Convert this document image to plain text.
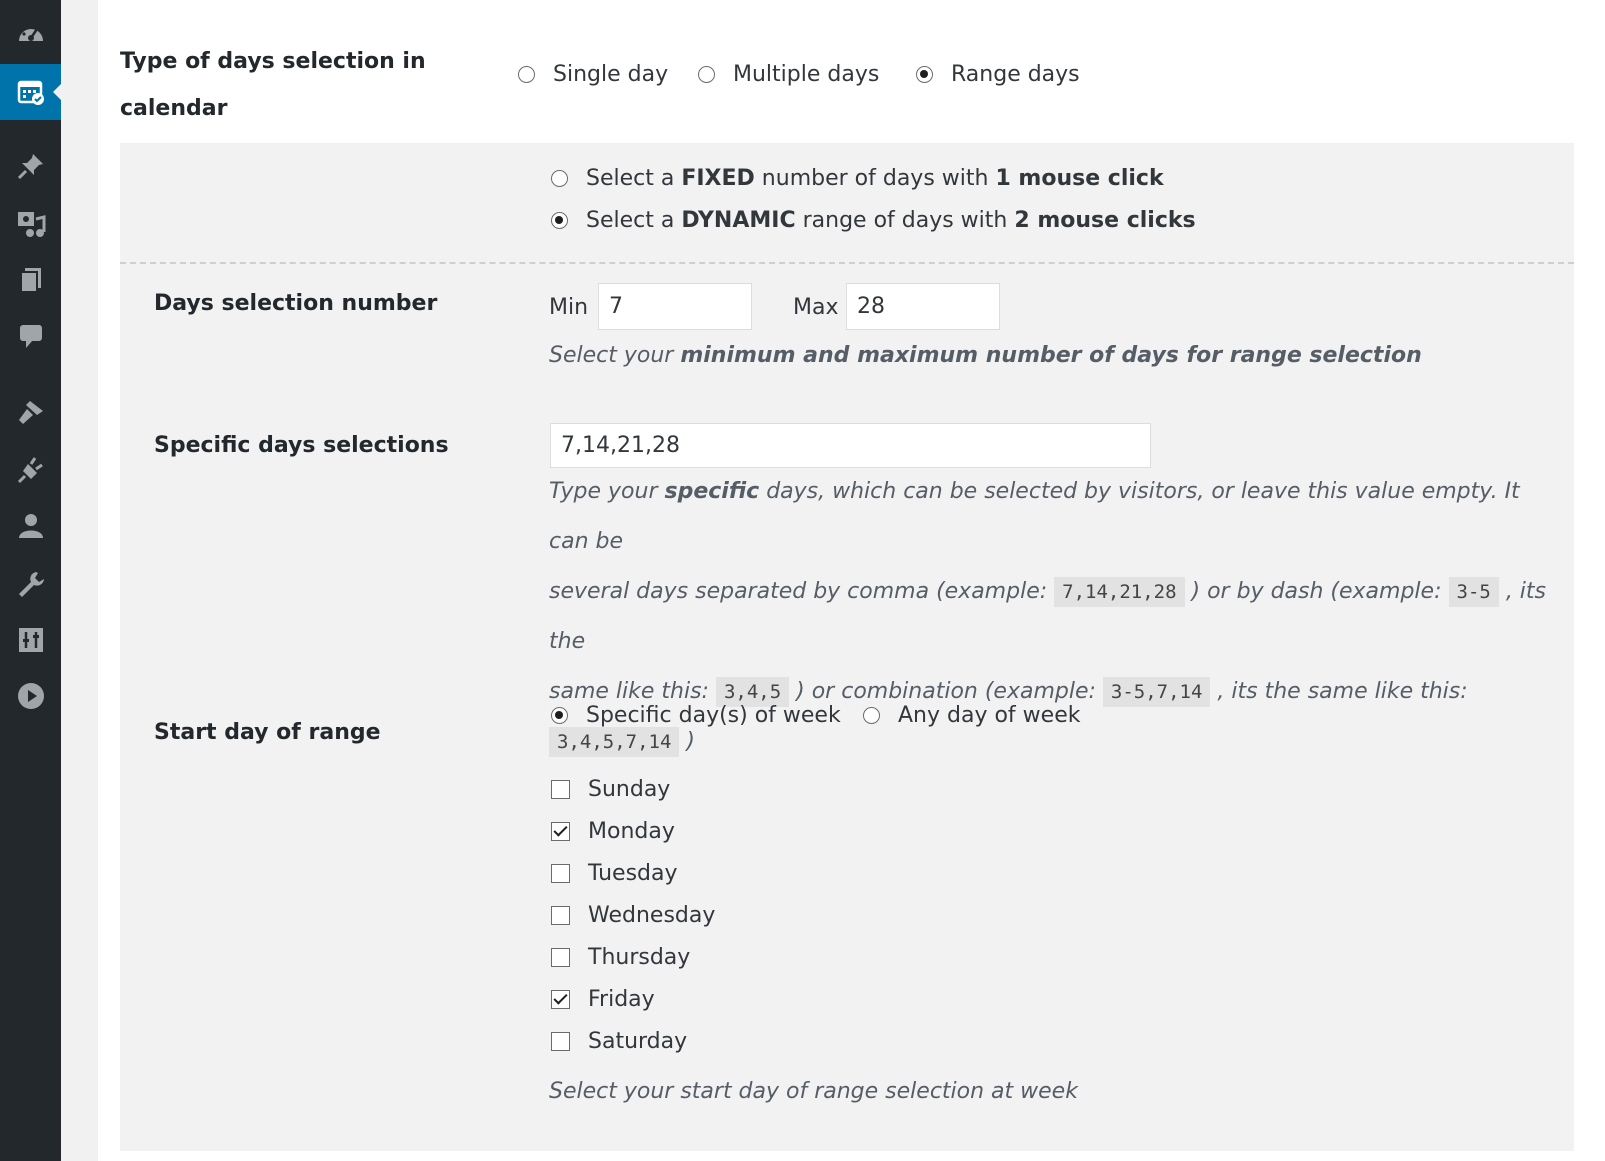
Type of days selection in
calendar
Single day	Multiple days	Range days
Select a FIXED number of days with 1 mouse click
Select a DYNAMIC range of days with 2 mouse clicks
Days selection number	Min 7	Max 28
Select your minimum and maximum number of days for range selection
Specific days selections	7,14,21,28
Type your specific days, which can be selected by visitors, or leave this value empty. It can be
several days separated by comma (example: 7,14,21,28 ) or by dash (example: 3-5 , its the
same like this: 3,4,5 ) or combination (example: 3-5,7,14 , its the same like this:
3,4,5,7,14 )
Start day of range
Specific day(s) of week	Any day of week
Sunday
Monday
Tuesday
Wednesday
Thursday
Friday
Saturday
Select your start day of range selection at week
